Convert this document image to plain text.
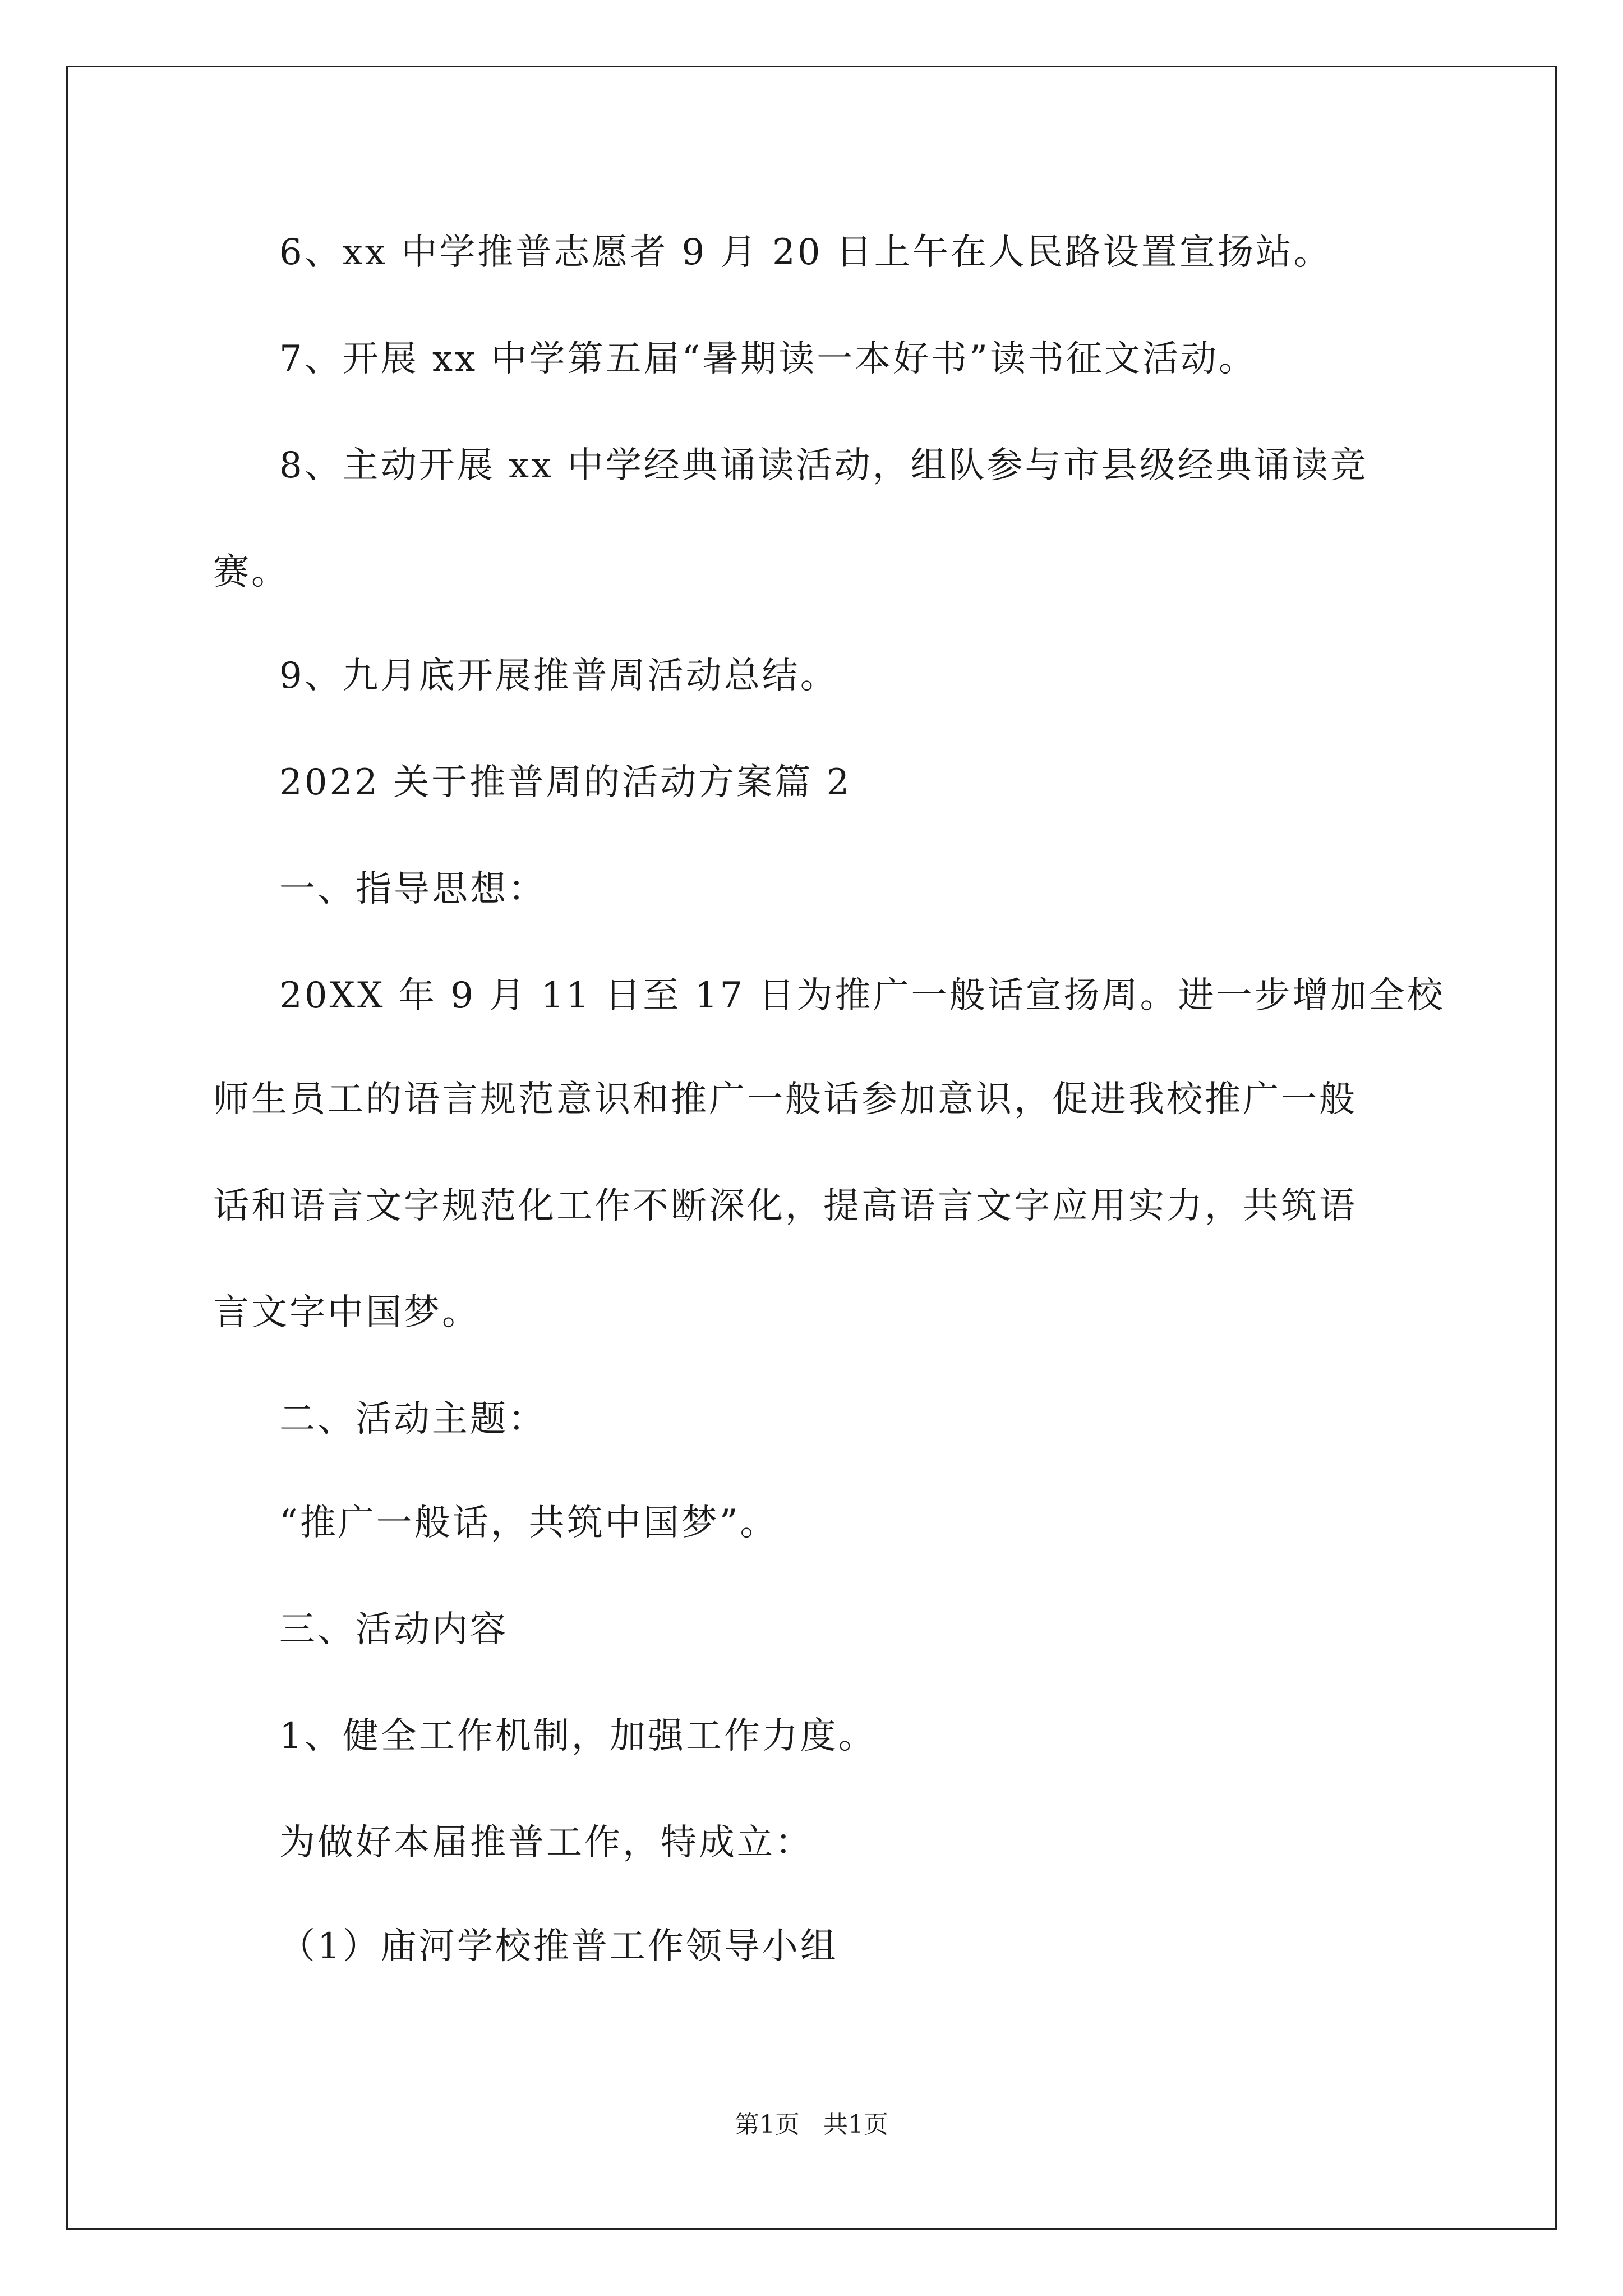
6、xx 中学推普志愿者 9 月 20 日上午在人民路设置宣扬站。
7、开展 xx 中学第五届“暑期读一本好书”读书征文活动。
8、主动开展 xx 中学经典诵读活动，组队参与市县级经典诵读竞
赛。
9、九月底开展推普周活动总结。
2022 关于推普周的活动方案篇 2
一、指导思想：
20XX 年 9 月 11 日至 17 日为推广一般话宣扬周。进一步增加全校
师生员工的语言规范意识和推广一般话参加意识，促进我校推广一般
话和语言文字规范化工作不断深化，提高语言文字应用实力，共筑语
言文字中国梦。
二、活动主题：
“推广一般话，共筑中国梦”。
三、活动内容
1、健全工作机制，加强工作力度。
为做好本届推普工作，特成立：
（1）庙河学校推普工作领导小组
第1页   共1页
